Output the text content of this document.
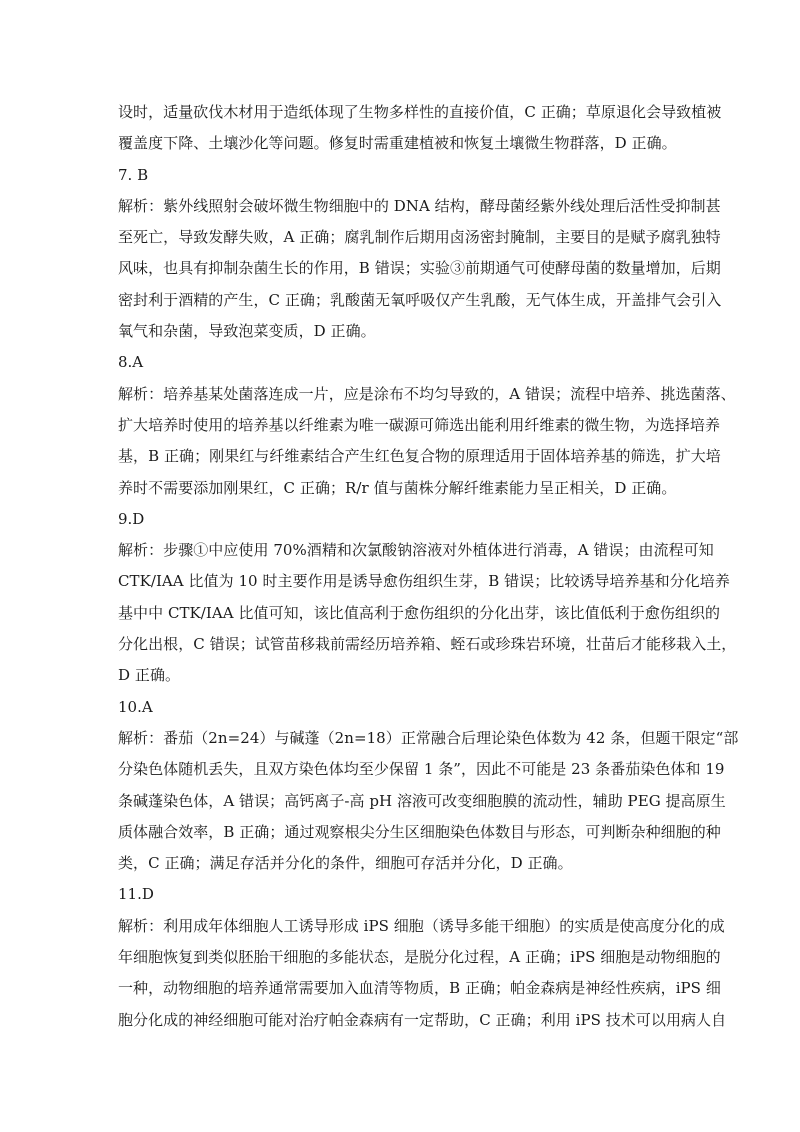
设时，适量砍伐木材用于造纸体现了生物多样性的直接价值，C 正确；草原退化会导致植被
覆盖度下降、土壤沙化等问题。修复时需重建植被和恢复土壤微生物群落，D 正确。
7. B
解析：紫外线照射会破坏微生物细胞中的 DNA 结构，酵母菌经紫外线处理后活性受抑制甚
至死亡，导致发酵失败，A 正确；腐乳制作后期用卤汤密封腌制，主要目的是赋予腐乳独特
风味，也具有抑制杂菌生长的作用，B 错误；实验③前期通气可使酵母菌的数量增加，后期
密封利于酒精的产生，C 正确；乳酸菌无氧呼吸仅产生乳酸，无气体生成，开盖排气会引入
氧气和杂菌，导致泡菜变质，D 正确。
8.A
解析：培养基某处菌落连成一片，应是涂布不均匀导致的，A 错误；流程中培养、挑选菌落、
扩大培养时使用的培养基以纤维素为唯一碳源可筛选出能利用纤维素的微生物，为选择培养
基，B 正确；刚果红与纤维素结合产生红色复合物的原理适用于固体培养基的筛选，扩大培
养时不需要添加刚果红，C 正确；R/r 值与菌株分解纤维素能力呈正相关，D 正确。
9.D
解析：步骤①中应使用 70%酒精和次氯酸钠溶液对外植体进行消毒，A 错误；由流程可知
CTK/IAA 比值为 10 时主要作用是诱导愈伤组织生芽，B 错误；比较诱导培养基和分化培养
基中中 CTK/IAA 比值可知，该比值高利于愈伤组织的分化出芽，该比值低利于愈伤组织的
分化出根，C 错误；试管苗移栽前需经历培养箱、蛭石或珍珠岩环境，壮苗后才能移栽入土，
D 正确。
10.A
解析：番茄（2n=24）与碱蓬（2n=18）正常融合后理论染色体数为 42 条，但题干限定“部
分染色体随机丢失，且双方染色体均至少保留 1 条”，因此不可能是 23 条番茄染色体和 19
条碱蓬染色体，A 错误；高钙离子-高 pH 溶液可改变细胞膜的流动性，辅助 PEG 提高原生
质体融合效率，B 正确；通过观察根尖分生区细胞染色体数目与形态，可判断杂种细胞的种
类，C 正确；满足存活并分化的条件，细胞可存活并分化，D 正确。
11.D
解析：利用成年体细胞人工诱导形成 iPS 细胞（诱导多能干细胞）的实质是使高度分化的成
年细胞恢复到类似胚胎干细胞的多能状态，是脱分化过程，A 正确；iPS 细胞是动物细胞的
一种，动物细胞的培养通常需要加入血清等物质，B 正确；帕金森病是神经性疾病，iPS 细
胞分化成的神经细胞可能对治疗帕金森病有一定帮助，C 正确；利用 iPS 技术可以用病人自
